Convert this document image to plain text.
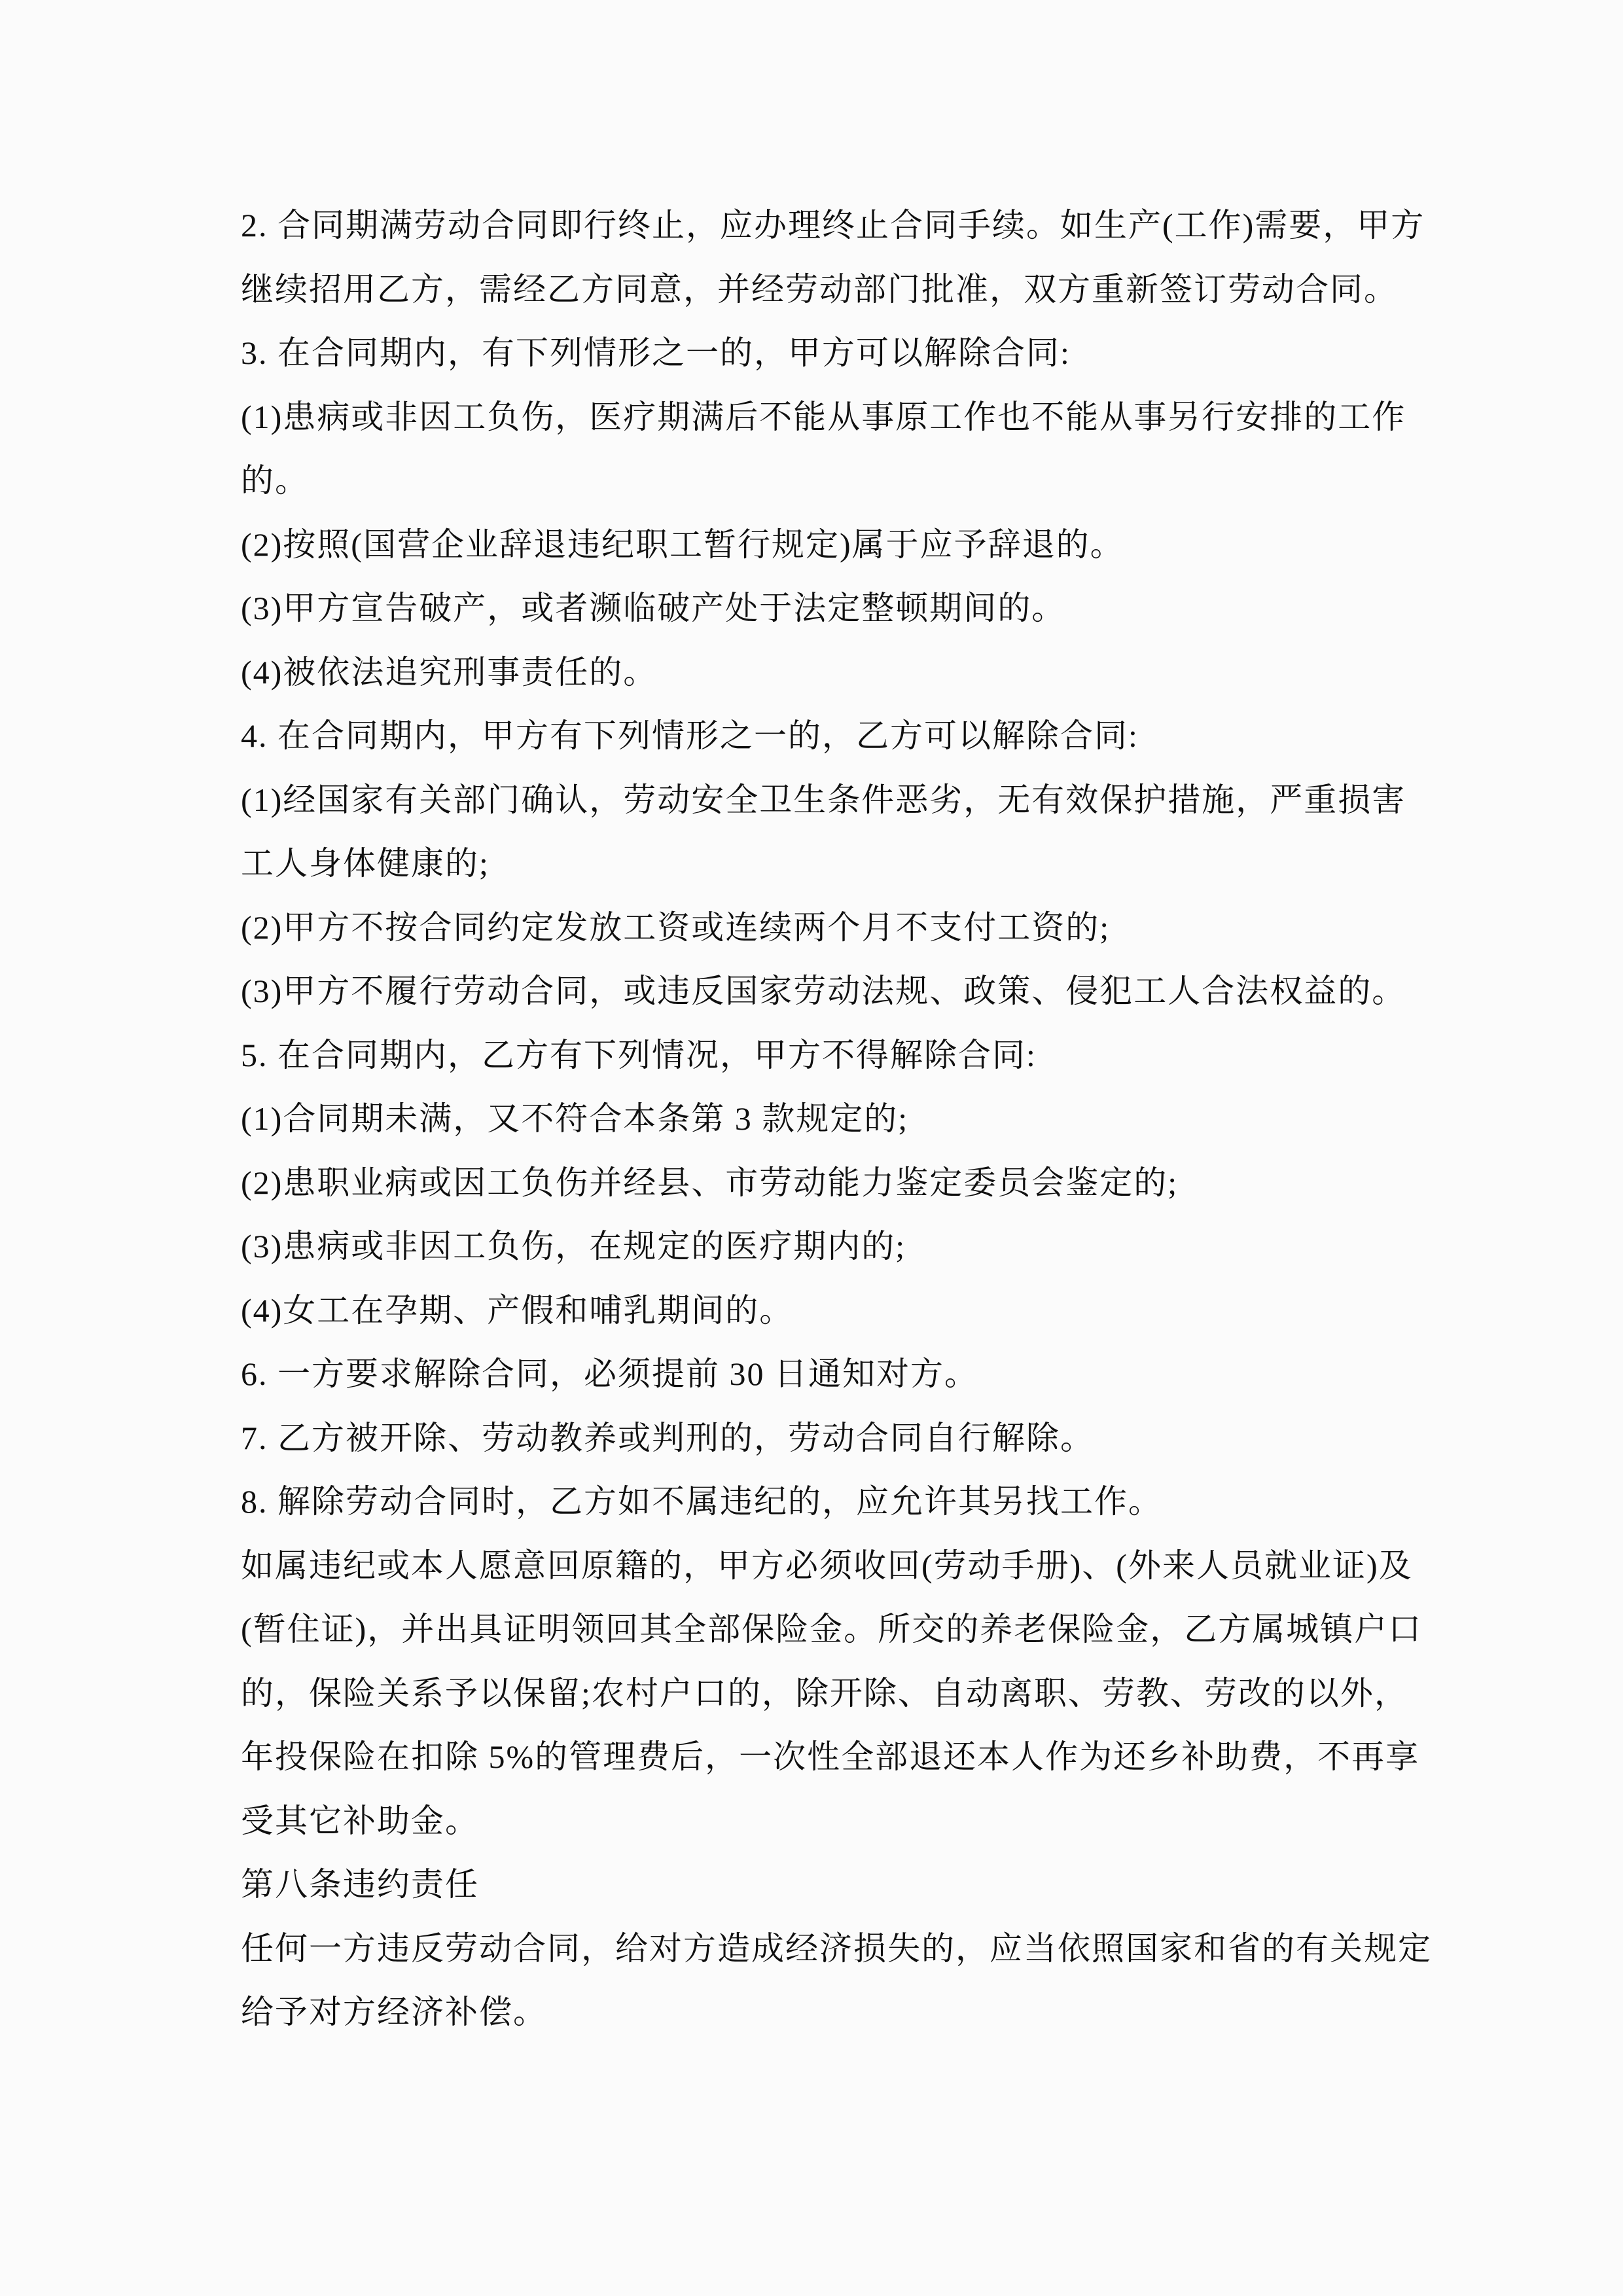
2. 合同期满劳动合同即行终止，应办理终止合同手续。如生产(工作)需要，甲方
继续招用乙方，需经乙方同意，并经劳动部门批准，双方重新签订劳动合同。
3. 在合同期内，有下列情形之一的，甲方可以解除合同:
(1)患病或非因工负伤，医疗期满后不能从事原工作也不能从事另行安排的工作
的。
(2)按照(国营企业辞退违纪职工暂行规定)属于应予辞退的。
(3)甲方宣告破产，或者濒临破产处于法定整顿期间的。
(4)被依法追究刑事责任的。
4. 在合同期内，甲方有下列情形之一的，乙方可以解除合同:
(1)经国家有关部门确认，劳动安全卫生条件恶劣，无有效保护措施，严重损害
工人身体健康的;
(2)甲方不按合同约定发放工资或连续两个月不支付工资的;
(3)甲方不履行劳动合同，或违反国家劳动法规、政策、侵犯工人合法权益的。
5. 在合同期内，乙方有下列情况，甲方不得解除合同:
(1)合同期未满，又不符合本条第 3 款规定的;
(2)患职业病或因工负伤并经县、市劳动能力鉴定委员会鉴定的;
(3)患病或非因工负伤，在规定的医疗期内的;
(4)女工在孕期、产假和哺乳期间的。
6. 一方要求解除合同，必须提前 30 日通知对方。
7. 乙方被开除、劳动教养或判刑的，劳动合同自行解除。
8. 解除劳动合同时，乙方如不属违纪的，应允许其另找工作。
如属违纪或本人愿意回原籍的，甲方必须收回(劳动手册)、(外来人员就业证)及
(暂住证)，并出具证明领回其全部保险金。所交的养老保险金，乙方属城镇户口
的，保险关系予以保留;农村户口的，除开除、自动离职、劳教、劳改的以外，
年投保险在扣除 5%的管理费后，一次性全部退还本人作为还乡补助费，不再享
受其它补助金。
第八条违约责任
任何一方违反劳动合同，给对方造成经济损失的，应当依照国家和省的有关规定
给予对方经济补偿。
